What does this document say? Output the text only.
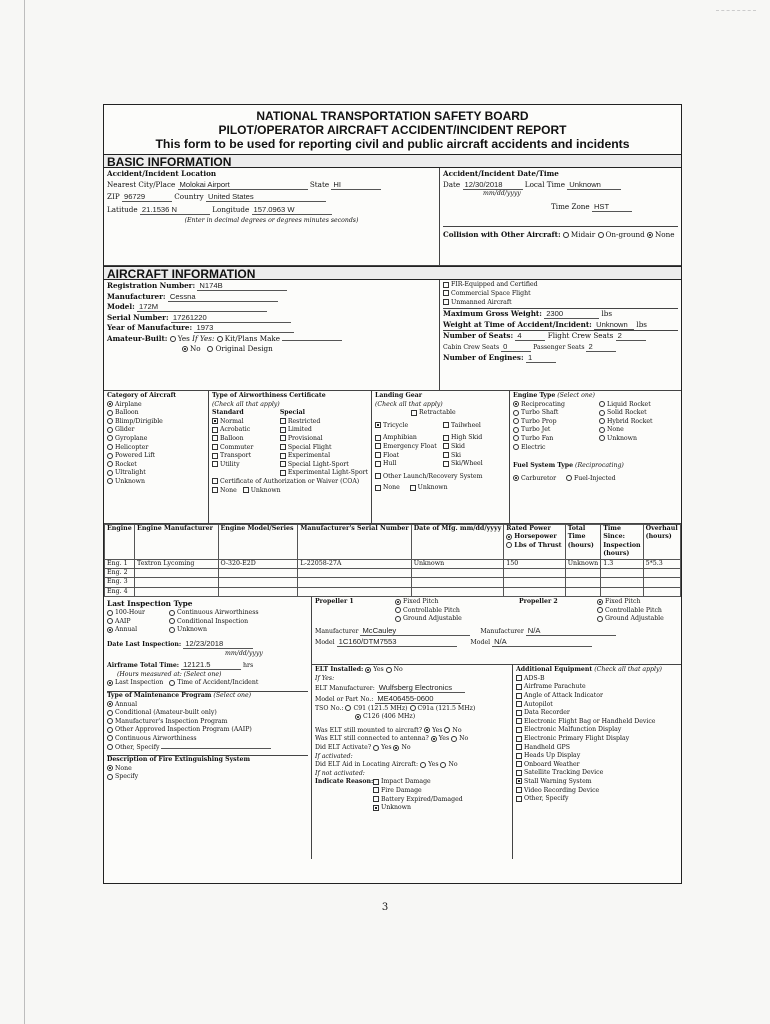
NATIONAL TRANSPORTATION SAFETY BOARD
PILOT/OPERATOR AIRCRAFT ACCIDENT/INCIDENT REPORT
This form to be used for reporting civil and public aircraft accidents and incidents
BASIC INFORMATION
Accident/Incident Location
Nearest City/Place Molokai Airport	State HI
ZIP 96729	Country United States
Latitude 21.1536 N	Longitude 157.0963 W
(Enter in decimal degrees or degrees minutes seconds)
Accident/Incident Date/Time
Date 12/30/2018	Local Time Unknown
mm/dd/yyyy
Time Zone HST
Collision with Other Aircraft: Midair On-ground None
AIRCRAFT INFORMATION
Registration Number: N174B
Manufacturer: Cessna
Model: 172M
Serial Number: 17261220
Year of Manufacture: 1973
Amateur-Built: Yes If Yes: Kit/Plans Make
No Original Design
FIR-Equipped and Certified
Commercial Space Flight
Unmanned Aircraft
Maximum Gross Weight: 2300	lbs
Weight at Time of Accident/Incident: Unknown lbs
Number of Seats: 4	Flight Crew Seats 2
Cabin Crew Seats 0	Passenger Seats 2
Number of Engines: 1
Category of Aircraft
Airplane
Balloon
Blimp/Dirigible
Glider
Gyroplane
Helicopter
Powered Lift
Rocket
Ultralight
Unknown
Type of Airworthiness Certificate
(Check all that apply)
Standard
Normal
Acrobatic
Balloon
Commuter
Transport
Utility
Special
Restricted
Limited
Provisional
Special Flight
Experimental
Special Light-Sport
Experimental Light-Sport
Certificate of Authorization or Waiver (COA)
None Unknown
Landing Gear
(Check all that apply)
Retractable
Tricycle
Amphibian
Emergency Float
Float
Hull
Tailwheel
High Skid
Skid
Ski
Ski/Wheel
Other Launch/Recovery System
None	Unknown
Engine Type (Select one)
Reciprocating
Turbo Shaft
Turbo Prop
Turbo Jet
Turbo Fan
Electric
Liquid Rocket
Solid Rocket
Hybrid Rocket
None
Unknown
Fuel System Type (Reciprocating)
Carburetor	Fuel-Injected
Engine	Engine Manufacturer	Engine Model/Series	Manufacturer's Serial Number	Date of Mfg. mm/dd/yyyy	Rated Power
Horsepower
Lbs of Thrust	Total Time (hours)	Time Since: Inspection (hours)	Overhaul (hours)
Eng. 1	Textron Lycoming	O-320-E2D	L-22058-27A	Unknown	150	Unknown	1.3	5*5.3
Eng. 2								
Eng. 3								
Eng. 4								
Last Inspection Type
100-Hour
AAIP
Annual
Continuous Airworthiness
Conditional Inspection
Unknown
Date Last Inspection: 12/23/2018
mm/dd/yyyy
Airframe Total Time: 12121.5	hrs
(Hours measured at: (Select one)
Last Inspection Time of Accident/Incident
Type of Maintenance Program (Select one)
Annual
Conditional (Amateur-built only)
Manufacturer's Inspection Program
Other Approved Inspection Program (AAIP)
Continuous Airworthiness
Other, Specify
Description of Fire Extinguishing System
None
Specify
Propeller 1	Fixed Pitch
Controllable Pitch
Ground Adjustable
Propeller 2	Fixed Pitch
Controllable Pitch
Ground Adjustable
Manufacturer McCauley	Manufacturer N/A
Model 1C160/DTM7553	Model N/A
ELT Installed: Yes No
If Yes:
ELT Manufacturer: Wulfsberg Electronics
Model or Part No.: ME406455-0600
TSO No.: C91 (121.5 MHz) C91a (121.5 MHz)
C126 (406 MHz)
Was ELT still mounted to aircraft? Yes No
Was ELT still connected to antenna? Yes No
Did ELT Activate? Yes No
If activated:
Did ELT Aid in Locating Aircraft: Yes No
If not activated:
Indicate Reason:	Impact Damage
Fire Damage
Battery Expired/Damaged
Unknown
Additional Equipment (Check all that apply)
ADS-B
Airframe Parachute
Angle of Attack Indicator
Autopilot
Data Recorder
Electronic Flight Bag or Handheld Device
Electronic Malfunction Display
Electronic Primary Flight Display
Handheld GPS
Heads Up Display
Onboard Weather
Satellite Tracking Device
Stall Warning System
Video Recording Device
Other, Specify
3
